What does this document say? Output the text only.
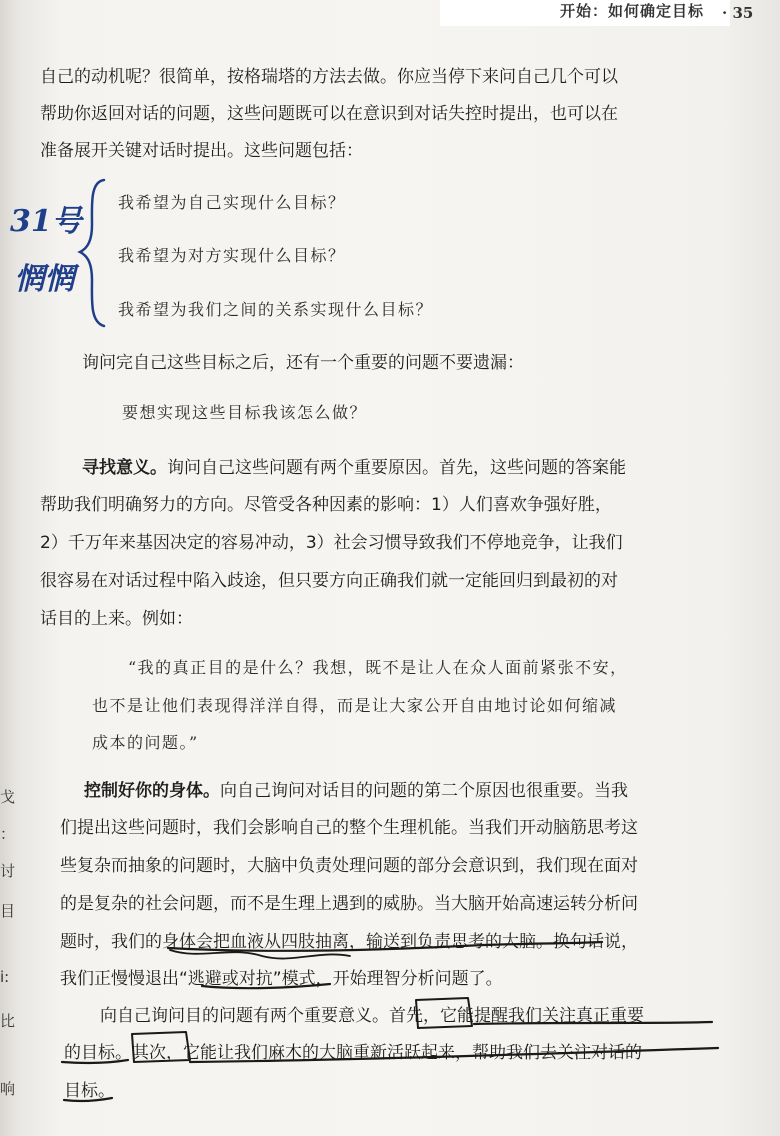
开始：如何确定目标 · 35
自己的动机呢？很简单，按格瑞塔的方法去做。你应当停下来问自己几个可以
帮助你返回对话的问题，这些问题既可以在意识到对话失控时提出，也可以在
准备展开关键对话时提出。这些问题包括：
我希望为自己实现什么目标？
我希望为对方实现什么目标？
我希望为我们之间的关系实现什么目标？
询问完自己这些目标之后，还有一个重要的问题不要遗漏：
要想实现这些目标我该怎么做？
寻找意义。询问自己这些问题有两个重要原因。首先，这些问题的答案能
帮助我们明确努力的方向。尽管受各种因素的影响：1）人们喜欢争强好胜，
2）千万年来基因决定的容易冲动，3）社会习惯导致我们不停地竞争，让我们
很容易在对话过程中陷入歧途，但只要方向正确我们就一定能回归到最初的对
话目的上来。例如：
“我的真正目的是什么？我想，既不是让人在众人面前紧张不安，
也不是让他们表现得洋洋自得，而是让大家公开自由地讨论如何缩减
成本的问题。”
控制好你的身体。向自己询问对话目的问题的第二个原因也很重要。当我
们提出这些问题时，我们会影响自己的整个生理机能。当我们开动脑筋思考这
些复杂而抽象的问题时，大脑中负责处理问题的部分会意识到，我们现在面对
的是复杂的社会问题，而不是生理上遇到的威胁。当大脑开始高速运转分析问
题时，我们的身体会把血液从四肢抽离，输送到负责思考的大脑。换句话说，
我们正慢慢退出“逃避或对抗”模式，开始理智分析问题了。
向自己询问目的问题有两个重要意义。首先，它能提醒我们关注真正重要
的目标。其次，它能让我们麻木的大脑重新活跃起来，帮助我们去关注对话的
目标。
31号
惘惘
戈
：
讨
目
i:
比
响
